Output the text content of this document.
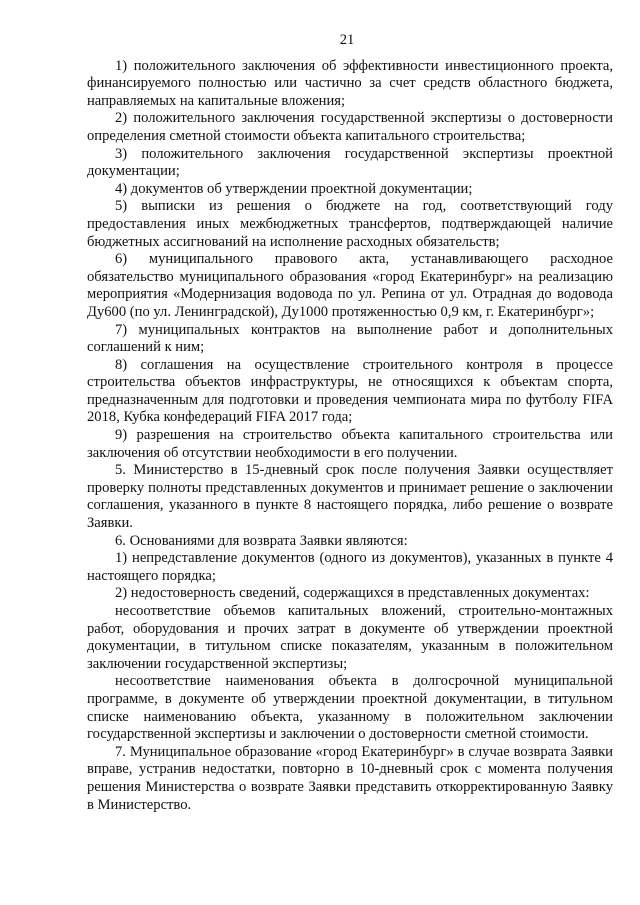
21

1) положительного заключения об эффективности инвестиционного проекта, финансируемого полностью или частично за счет средств областного бюджета, направляемых на капитальные вложения;

2) положительного заключения государственной экспертизы о достоверности определения сметной стоимости объекта капитального строительства;

3) положительного заключения государственной экспертизы проектной документации;

4) документов об утверждении проектной документации;

5) выписки из решения о бюджете на год, соответствующий году предоставления иных межбюджетных трансфертов, подтверждающей наличие бюджетных ассигнований на исполнение расходных обязательств;

6) муниципального правового акта, устанавливающего расходное обязательство муниципального образования «город Екатеринбург» на реализацию мероприятия «Модернизация водовода по ул. Репина от ул. Отрадная до водовода Ду600 (по ул. Ленинградской), Ду1000 протяженностью 0,9 км, г. Екатеринбург»;

7) муниципальных контрактов на выполнение работ и дополнительных соглашений к ним;

8) соглашения на осуществление строительного контроля в процессе строительства объектов инфраструктуры, не относящихся к объектам спорта, предназначенным для подготовки и проведения чемпионата мира по футболу FIFA 2018, Кубка конфедераций FIFA 2017 года;

9) разрешения на строительство объекта капитального строительства или заключения об отсутствии необходимости в его получении.

5. Министерство в 15-дневный срок после получения Заявки осуществляет проверку полноты представленных документов и принимает решение о заключении соглашения, указанного в пункте 8 настоящего порядка, либо решение о возврате Заявки.

6. Основаниями для возврата Заявки являются:

1) непредставление документов (одного из документов), указанных в пункте 4 настоящего порядка;

2) недостоверность сведений, содержащихся в представленных документах:

несоответствие объемов капитальных вложений, строительно-монтажных работ, оборудования и прочих затрат в документе об утверждении проектной документации, в титульном списке показателям, указанным в положительном заключении государственной экспертизы;

несоответствие наименования объекта в долгосрочной муниципальной программе, в документе об утверждении проектной документации, в титульном списке наименованию объекта, указанному в положительном заключении государственной экспертизы и заключении о достоверности сметной стоимости.

7. Муниципальное образование «город Екатеринбург» в случае возврата Заявки вправе, устранив недостатки, повторно в 10-дневный срок с момента получения решения Министерства о возврате Заявки представить откорректированную Заявку в Министерство.
